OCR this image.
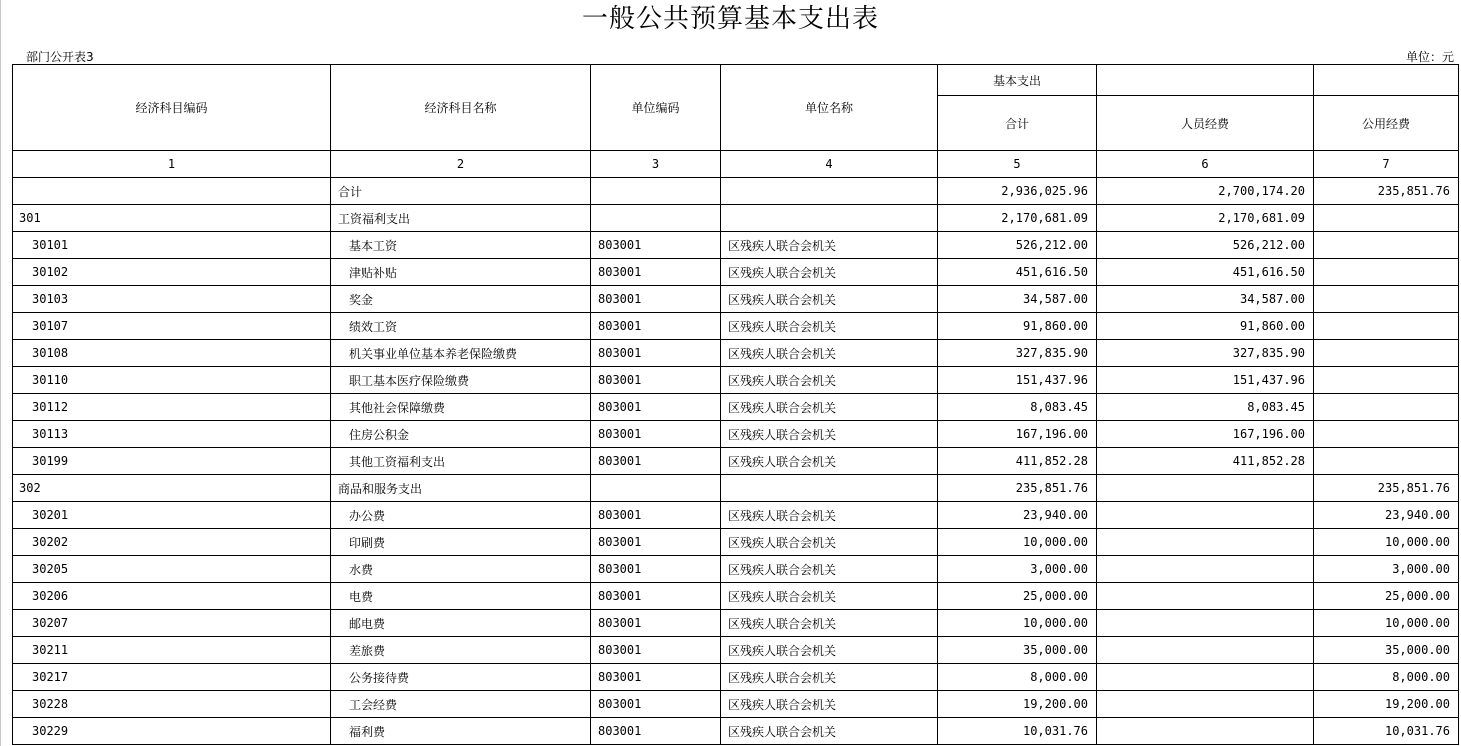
一般公共预算基本支出表
部门公开表3	单位：元
经济科目编码	经济科目名称	单位编码	单位名称	基本支出		
				合计	人员经费	公用经费
1	2	3	4	5	6	7
	合计			2,936,025.96	2,700,174.20	235,851.76
301	工资福利支出			2,170,681.09	2,170,681.09	
30101	基本工资	803001	区残疾人联合会机关	526,212.00	526,212.00	
30102	津贴补贴	803001	区残疾人联合会机关	451,616.50	451,616.50	
30103	奖金	803001	区残疾人联合会机关	34,587.00	34,587.00	
30107	绩效工资	803001	区残疾人联合会机关	91,860.00	91,860.00	
30108	机关事业单位基本养老保险缴费	803001	区残疾人联合会机关	327,835.90	327,835.90	
30110	职工基本医疗保险缴费	803001	区残疾人联合会机关	151,437.96	151,437.96	
30112	其他社会保障缴费	803001	区残疾人联合会机关	8,083.45	8,083.45	
30113	住房公积金	803001	区残疾人联合会机关	167,196.00	167,196.00	
30199	其他工资福利支出	803001	区残疾人联合会机关	411,852.28	411,852.28	
302	商品和服务支出			235,851.76		235,851.76
30201	办公费	803001	区残疾人联合会机关	23,940.00		23,940.00
30202	印刷费	803001	区残疾人联合会机关	10,000.00		10,000.00
30205	水费	803001	区残疾人联合会机关	3,000.00		3,000.00
30206	电费	803001	区残疾人联合会机关	25,000.00		25,000.00
30207	邮电费	803001	区残疾人联合会机关	10,000.00		10,000.00
30211	差旅费	803001	区残疾人联合会机关	35,000.00		35,000.00
30217	公务接待费	803001	区残疾人联合会机关	8,000.00		8,000.00
30228	工会经费	803001	区残疾人联合会机关	19,200.00		19,200.00
30229	福利费	803001	区残疾人联合会机关	10,031.76		10,031.76
